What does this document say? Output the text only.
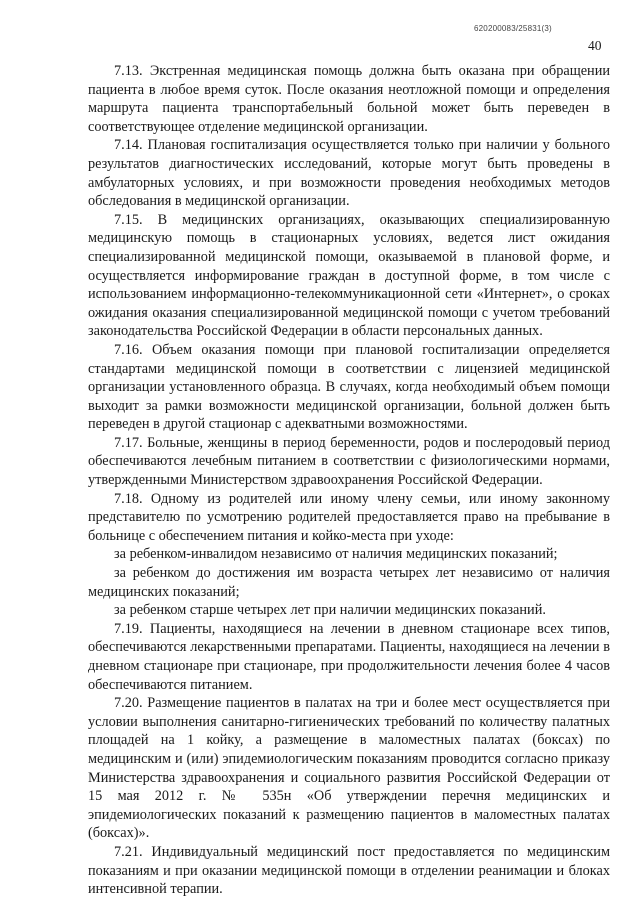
620200083/25831(3)
40

7.13. Экстренная медицинская помощь должна быть оказана при обращении пациента в любое время суток. После оказания неотложной помощи и определения маршрута пациента транспортабельный больной может быть переведен в соответствующее отделение медицинской организации.

7.14. Плановая госпитализация осуществляется только при наличии у больного результатов диагностических исследований, которые могут быть проведены в амбулаторных условиях, и при возможности проведения необходимых методов обследования в медицинской организации.

7.15. В медицинских организациях, оказывающих специализированную медицинскую помощь в стационарных условиях, ведется лист ожидания специализированной медицинской помощи, оказываемой в плановой форме, и осуществляется информирование граждан в доступной форме, в том числе с использованием информационно-телекоммуникационной сети «Интернет», о сроках ожидания оказания специализированной медицинской помощи с учетом требований законодательства Российской Федерации в области персональных данных.

7.16. Объем оказания помощи при плановой госпитализации определяется стандартами медицинской помощи в соответствии с лицензией медицинской организации установленного образца. В случаях, когда необходимый объем помощи выходит за рамки возможности медицинской организации, больной должен быть переведен в другой стационар с адекватными возможностями.

7.17. Больные, женщины в период беременности, родов и послеродовый период обеспечиваются лечебным питанием в соответствии с физиологическими нормами, утвержденными Министерством здравоохранения Российской Федерации.

7.18. Одному из родителей или иному члену семьи, или иному законному представителю по усмотрению родителей предоставляется право на пребывание в больнице с обеспечением питания и койко-места при уходе:

за ребенком-инвалидом независимо от наличия медицинских показаний;

за ребенком до достижения им возраста четырех лет независимо от наличия медицинских показаний;

за ребенком старше четырех лет при наличии медицинских показаний.

7.19. Пациенты, находящиеся на лечении в дневном стационаре всех типов, обеспечиваются лекарственными препаратами. Пациенты, находящиеся на лечении в дневном стационаре при стационаре, при продолжительности лечения более 4 часов обеспечиваются питанием.

7.20. Размещение пациентов в палатах на три и более мест осуществляется при условии выполнения санитарно-гигиенических требований по количеству палатных площадей на 1 койку, а размещение в маломестных палатах (боксах) по медицинским и (или) эпидемиологическим показаниям проводится согласно приказу Министерства здравоохранения и социального развития Российской Федерации от 15 мая 2012 г. № 535н «Об утверждении перечня медицинских и эпидемиологических показаний к размещению пациентов в маломестных палатах (боксах)».

7.21. Индивидуальный медицинский пост предоставляется по медицинским показаниям и при оказании медицинской помощи в отделении реанимации и блоках интенсивной терапии.
